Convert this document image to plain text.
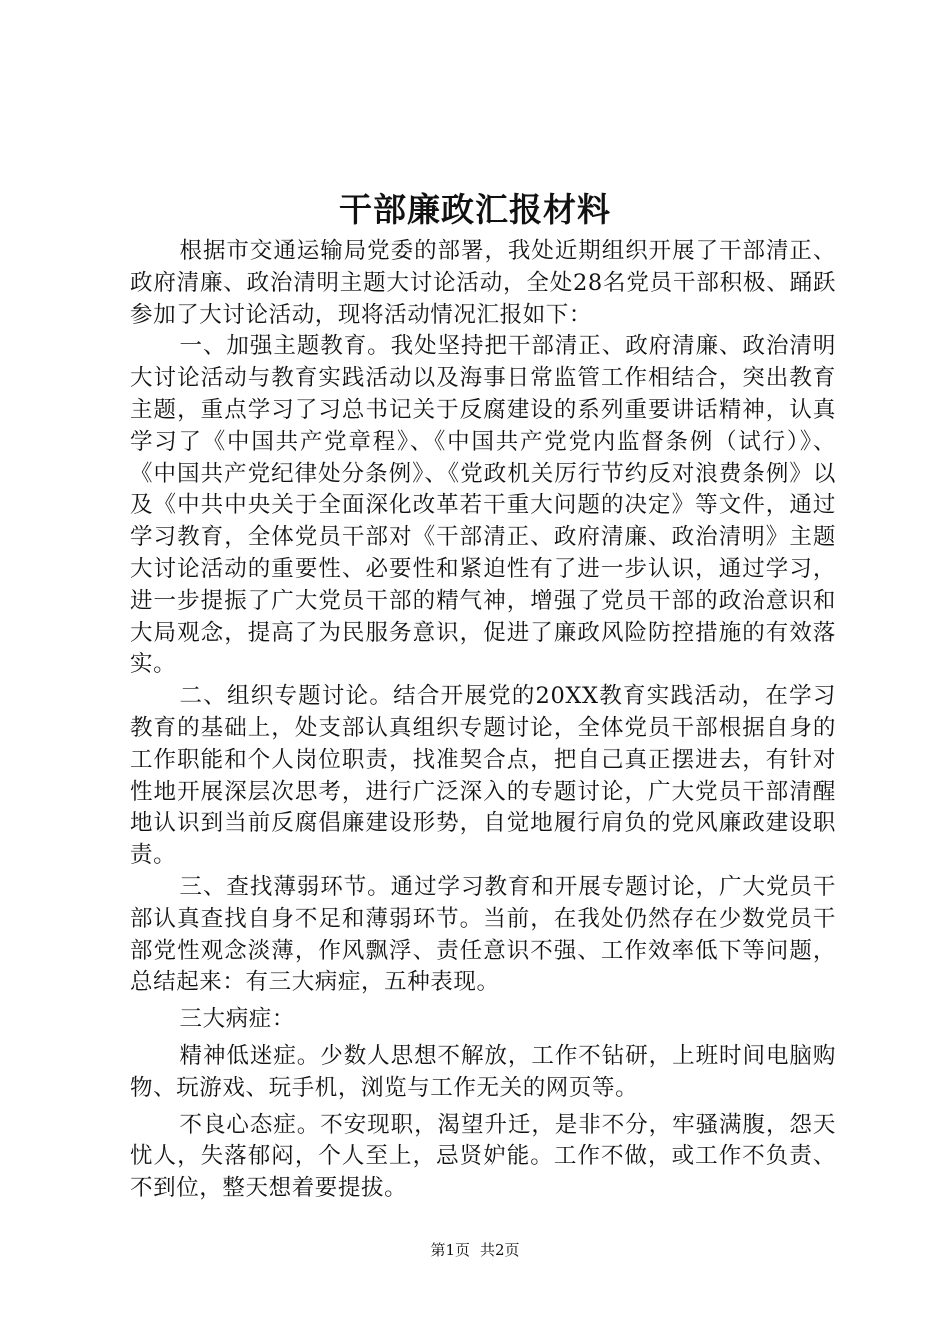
干部廉政汇报材料

根据市交通运输局党委的部署，我处近期组织开展了干部清正、政府清廉、政治清明主题大讨论活动，全处28名党员干部积极、踊跃参加了大讨论活动，现将活动情况汇报如下：

一、加强主题教育。我处坚持把干部清正、政府清廉、政治清明大讨论活动与教育实践活动以及海事日常监管工作相结合，突出教育主题，重点学习了习总书记关于反腐建设的系列重要讲话精神，认真学习了《中国共产党章程》、《中国共产党党内监督条例（试行）》、《中国共产党纪律处分条例》、《党政机关厉行节约反对浪费条例》以及《中共中央关于全面深化改革若干重大问题的决定》等文件，通过学习教育，全体党员干部对《干部清正、政府清廉、政治清明》主题大讨论活动的重要性、必要性和紧迫性有了进一步认识，通过学习，进一步提振了广大党员干部的精气神，增强了党员干部的政治意识和大局观念，提高了为民服务意识，促进了廉政风险防控措施的有效落实。

二、组织专题讨论。结合开展党的20XX教育实践活动，在学习教育的基础上，处支部认真组织专题讨论，全体党员干部根据自身的工作职能和个人岗位职责，找准契合点，把自己真正摆进去，有针对性地开展深层次思考，进行广泛深入的专题讨论，广大党员干部清醒地认识到当前反腐倡廉建设形势，自觉地履行肩负的党风廉政建设职责。

三、查找薄弱环节。通过学习教育和开展专题讨论，广大党员干部认真查找自身不足和薄弱环节。当前，在我处仍然存在少数党员干部党性观念淡薄，作风飘浮、责任意识不强、工作效率低下等问题，总结起来：有三大病症，五种表现。

三大病症：

精神低迷症。少数人思想不解放，工作不钻研，上班时间电脑购物、玩游戏、玩手机，浏览与工作无关的网页等。

不良心态症。不安现职，渴望升迁，是非不分，牢骚满腹，怨天忧人，失落郁闷，个人至上，忌贤妒能。工作不做，或工作不负责、不到位，整天想着要提拔。

第1页 共2页
